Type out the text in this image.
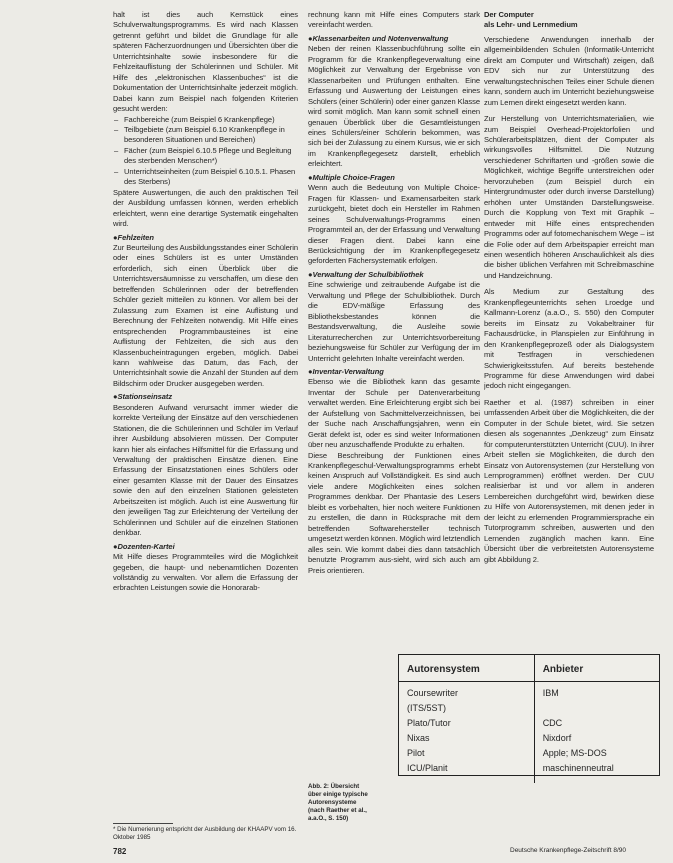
halt ist dies auch Kernstück eines Schulverwaltungsprogramms. Es wird nach Klassen getrennt geführt und bildet die Grundlage für alle späteren Fächerzuordnungen und Übersichten über die Unterrichtsinhalte sowie insbesondere für die Fehlzeitauflistung der Schülerinnen und Schüler. Mit Hilfe des „elektronischen Klassenbuches“ ist die Dokumentation der Unterrichtsinhalte jederzeit möglich. Dabei kann zum Beispiel nach folgenden Kriterien gesucht werden:

– Fachbereiche (zum Beispiel 6 Krankenpflege)
– Teilbgebiete (zum Beispiel 6.10 Krankenpflege in besonderen Situationen und Bereichen)
– Fächer (zum Beispiel 6.10.5 Pflege und Begleitung des sterbenden Menschen*)
– Unterrichtseinheiten (zum Beispiel 6.10.5.1. Phasen des Sterbens)

Spätere Auswertungen, die auch den praktischen Teil der Ausbildung umfassen können, werden erheblich erleichtert, wenn eine derartige Systematik eingehalten wird.

● Fehlzeiten

Zur Beurteilung des Ausbildungsstandes einer Schülerin oder eines Schülers ist es unter Umständen erforderlich, sich einen Überblick über die Unterrichtsversäumnisse zu verschaffen, um diese den betreffenden Schülerinnen oder der betreffenden Schüler gezielt mitteilen zu können. Vor allem bei der Zulassung zum Examen ist eine Auflistung und Berechnung der Fehlzeiten notwendig. Mit Hilfe eines entsprechenden Programmbausteines ist eine Auflistung der Fehlzeiten, die sich aus den Klassenbucheintragungen ergeben, möglich. Dabei kann wahlweise das Datum, das Fach, der Unterrichtsinhalt sowie die Anzahl der Stunden auf dem Bildschirm oder Drucker ausgegeben werden.

● Stationseinsatz

Besonderen Aufwand verursacht immer wieder die korrekte Verteilung der Einsätze auf den verschiedenen Stationen, die die Schülerinnen und Schüler im Verlauf ihrer Ausbildung absolvieren müssen. Der Computer kann hier als einfaches Hilfsmittel für die Erfassung und Verwaltung der praktischen Einsätze dienen. Eine Erfassung der Einsatzstationen eines Schülers oder einer gesamten Klasse mit der Dauer des Einsatzes sowie den auf den einzelnen Stationen geleisteten Arbeitszeiten ist möglich. Auch ist eine Auswertung für den jeweiligen Tag zur Erleichterung der Verteilung der Schülerinnen und Schüler auf die einzelnen Stationen denkbar.

● Dozenten-Kartei

Mit Hilfe dieses Programmteiles wird die Möglichkeit gegeben, die haupt- und nebenamtlichen Dozenten vollständig zu verwalten. Vor allem die Erfassung der erbrachten Leistungen sowie die Honorarab-

* Die Numerierung entspricht der Ausbildung der KHAAPV vom 16. Oktober 1985
782

rechnung kann mit Hilfe eines Computers stark vereinfacht werden.

● Klassenarbeiten und Notenverwaltung

Neben der reinen Klassenbuchführung sollte ein Programm für die Krankenpflegeverwaltung eine Möglichkeit zur Verwaltung der Ergebnisse von Klassenarbeiten und Prüfungen enthalten. Eine Erfassung und Auswertung der Leistungen eines Schülers (einer Schülerin) oder einer ganzen Klasse wird somit möglich. Man kann somit schnell einen genauen Überblick über die Gesamtleistungen eines Schülers/einer Schülerin bekommen, was sich bei der Zulassung zu einem Kursus, wie er sich im Krankenpflegegesetz darstellt, erheblich erleichtert.

● Multiple Choice-Fragen

Wenn auch die Bedeutung von Multiple Choice-Fragen für Klassen- und Examensarbeiten stark zurückgeht, bietet doch ein Hersteller im Rahmen seines Schulverwaltungs-Programms einen Programmteil an, der der Erfassung und Verwaltung dieser Fragen dient. Dabei kann eine Berücksichtigung der im Krankenpflegegesetz geforderten Fächersystematik erfolgen.

● Verwaltung der Schulbibliothek

Eine schwierige und zeitraubende Aufgabe ist die Verwaltung und Pflege der Schulbibliothek. Durch die EDV-mäßige Erfassung des Bibliotheksbestandes können die Bestandsverwaltung, die Ausleihe sowie Literaturrecherchen zur Unterrichtsvorbereitung beziehungsweise für Schüler zur Verfügung der im Unterricht gelehrten Inhalte vereinfacht werden.

● Inventar-Verwaltung

Ebenso wie die Bibliothek kann das gesamte Inventar der Schule per Datenverarbeitung verwaltet werden. Eine Erleichterung ergibt sich bei der Aufstellung von Sachmittelverzeichnissen, bei der Suche nach Anschaffungsjahren, wenn ein Gerät defekt ist, oder es sind weiter Informationen über neu anzuschaffende Produkte zu erhalten.

Diese Beschreibung der Funktionen eines Krankenpflegeschul-Verwaltungsprogramms erhebt keinen Anspruch auf Vollständigkeit. Es sind auch viele andere Möglichkeiten eines solchen Programmes denkbar. Der Phantasie des Lesers bleibt es vorbehalten, hier noch weitere Funktionen zu erstellen, die dann in Rücksprache mit dem betreffenden Softwarehersteller technisch umgesetzt werden können. Möglich wird letztendlich alles sein. Wie kommt dabei dies dann tatsächlich benutzte Programm aus-sieht, wird sich auch am Preis orientieren.

Abb. 2: Übersicht über einige typische Autorensysteme (nach Raether et al., a.a.O., S. 150)

Der Computer

als Lehr- und Lernmedium

Verschiedene Anwendungen innerhalb der allgemeinbildenden Schulen (Informatik-Unterricht direkt am Computer und Wirtschaft) zeigen, daß EDV sich nur zur Unterstützung des verwaltungstechnischen Teiles einer Schule dienen kann, sondern auch im Unterricht beziehungsweise zum Lernen direkt eingesetzt werden kann.

Zur Herstellung von Unterrichtsmaterialien, wie zum Beispiel Overhead-Projektorfolien und Schülerarbeitsplätzen, dient der Computer als wirkungsvolles Hilfsmittel. Die Nutzung verschiedener Schriftarten und -größen sowie die Möglichkeit, wichtige Begriffe unterstreichen oder hervorzuheben (zum Beispiel durch ein Hintergrundmuster oder durch inverse Darstellung) erhöhen unter Umständen Darstellungsweise. Durch die Kopplung von Text mit Graphik – entweder mit Hilfe eines entsprechenden Programms oder auf fotomechanischem Wege – ist die Folie oder auf dem Arbeitspapier erreicht man einen wesentlich höheren Anschaulichkeit als dies die bisher üblichen Verfahren mit Schreibmaschine und Handzeichnung.

Als Medium zur Gestaltung des Krankenpflegeunterrichts sehen Lroedge und Kallmann-Lorenz (a.a.O., S. 550) den Computer bereits im Einsatz zu Vokabeltrainer für Fachausdrücke, in Planspielen zur Einführung in den Krankenpflegeprozeß oder als Dialogsystem mit Testfragen in verschiedenen Schwierigkeitsstufen. Auf bereits bestehende Programme für diese Anwendungen wird dabei jedoch nicht eingegangen.

Raether et al. (1987) schreiben in einer umfassenden Arbeit über die Möglichkeiten, die der Computer in der Schule bietet, wird. Sie setzen diesen als sogenanntes „Denkzeug“ zum Einsatz für computerunterstützten Unterricht (CUU). In ihrer Arbeit stellen sie Möglichkeiten, die durch den Einsatz von Autorensystemen (zur Herstellung von Lernprogrammen) eröffnet werden. Der CUU realisierbar ist und vor allem in anderen Lernbereichen durchgeführt wird, bewirken diese zu Hilfe von Autorensystemen, mit denen jeder in der leicht zu erlernenden Programmiersprache ein Tutorprogramm schreiben, auswerten und den Lernenden zugänglich machen kann. Eine Übersicht über die verbreitetsten Autorensysteme gibt Abbildung 2.

Autorensystem	Anbieter
Coursewriter	IBM
(ITS/5ST)	
Plato/Tutor	CDC
Nixas	Nixdorf
Pilot	Apple; MS-DOS
ICU/Planit	maschinenneutral
Deutsche Krankenpflege-Zeitschrift 8/90
